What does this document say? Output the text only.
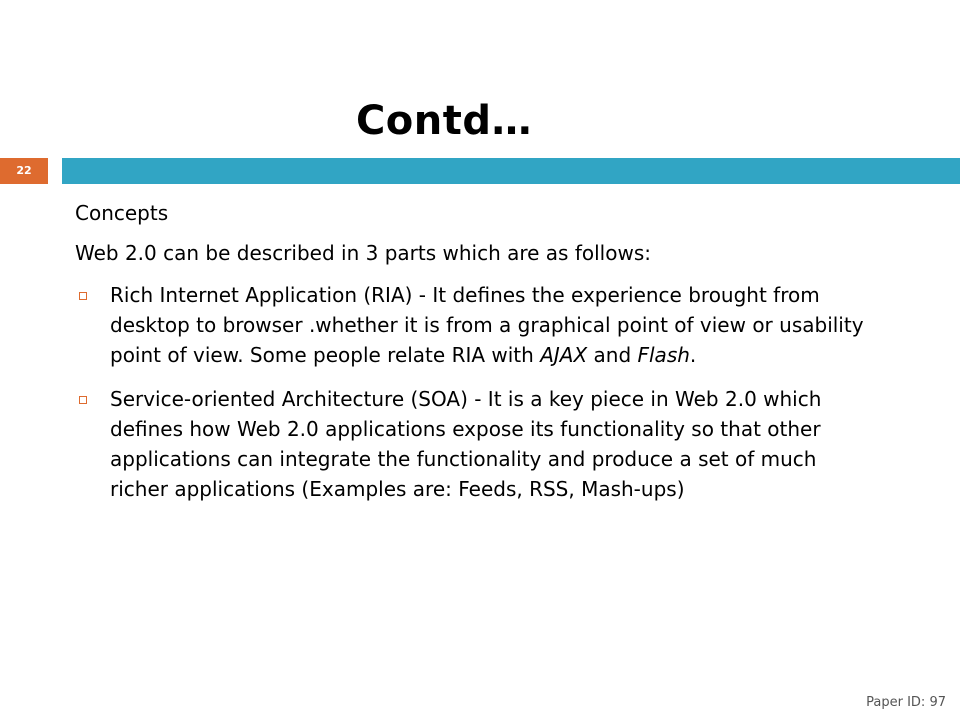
Contd…
22

Concepts

Web 2.0 can be described in 3 parts which are as follows:

Rich Internet Application (RIA) - It defines the experience brought from desktop to browser .whether it is from a graphical point of view or usability point of view. Some people relate RIA with AJAX and Flash.
Service-oriented Architecture (SOA) - It is a key piece in Web 2.0 which defines how Web 2.0 applications expose its functionality so that other applications can integrate the functionality and produce a set of much richer applications (Examples are: Feeds, RSS, Mash-ups)
Paper ID: 97
